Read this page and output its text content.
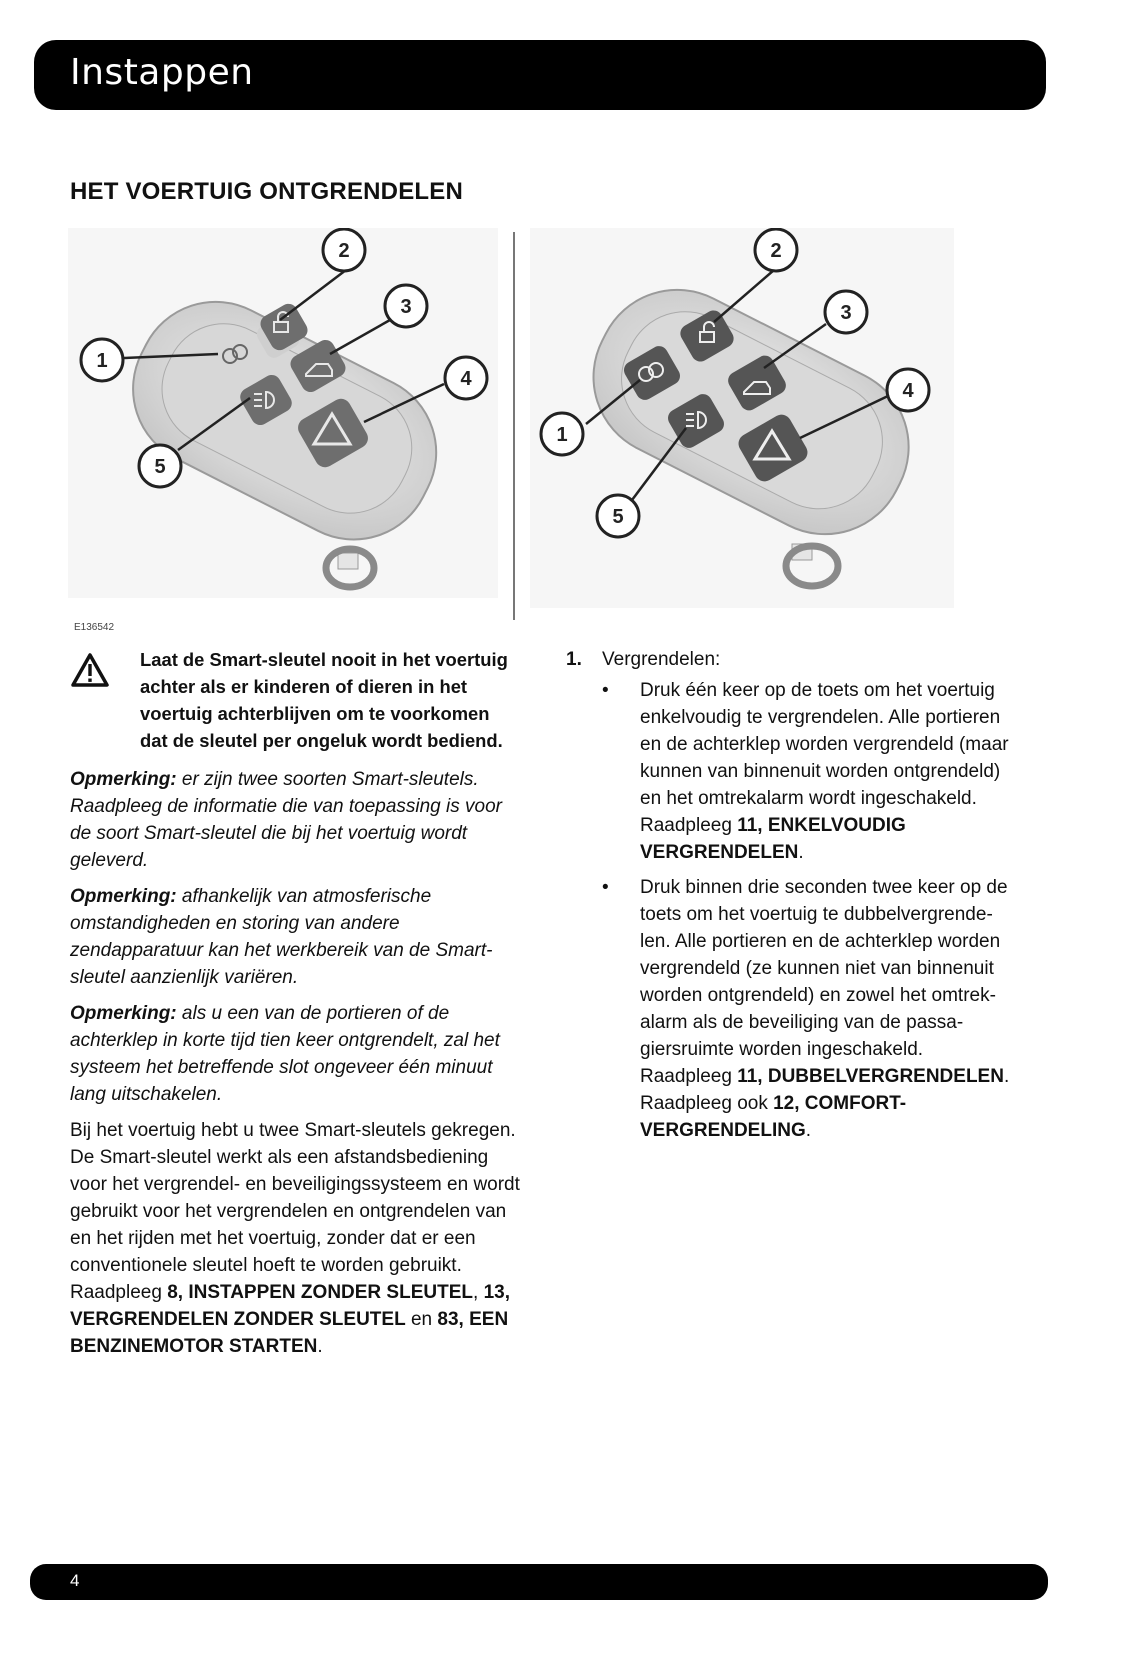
Instappen
HET VOERTUIG ONTGRENDELEN
2
3
1
4
5
2
3
1
4
5
E136542

Laat de Smart-sleutel nooit in het voertuig achter als er kinderen of dieren in het voertuig achterblijven om te voorkomen dat de sleutel per ongeluk wordt bediend.

Opmerking: er zijn twee soorten Smart-sleutels. Raadpleeg de informatie die van toepassing is voor de soort Smart-sleutel die bij het voertuig wordt geleverd.

Opmerking: afhankelijk van atmosferische omstandigheden en storing van andere zendapparatuur kan het werkbereik van de Smart-sleutel aanzienlijk variëren.

Opmerking: als u een van de portieren of de achterklep in korte tijd tien keer ontgrendelt, zal het systeem het betreffende slot ongeveer één minuut lang uitschakelen.

Bij het voertuig hebt u twee Smart-sleutels gekregen. De Smart-sleutel werkt als een afstandsbediening voor het vergrendel- en beveiligingssysteem en wordt gebruikt voor het vergrendelen en ontgrendelen van en het rijden met het voertuig, zonder dat er een conventionele sleutel hoeft te worden gebruikt. Raadpleeg 8, INSTAPPEN ZONDER SLEUTEL, 13, VERGRENDELEN ZONDER SLEUTEL en 83, EEN BENZINEMOTOR STARTEN.

1. Vergrendelen:
• Druk één keer op de toets om het voertuig enkelvoudig te vergrendelen. Alle portieren en de achterklep worden vergrendeld (maar kunnen van binnenuit worden ontgrendeld) en het omtrekalarm wordt ingeschakeld. Raadpleeg 11, ENKELVOUDIG VERGRENDELEN.
• Druk binnen drie seconden twee keer op de toets om het voertuig te dubbelvergrende-len. Alle portieren en de achterklep worden vergrendeld (ze kunnen niet van binnenuit worden ontgrendeld) en zowel het omtrek-alarm als de beveiliging van de passa-giersruimte worden ingeschakeld. Raadpleeg 11, DUBBELVERGRENDELEN. Raadpleeg ook 12, COMFORT-VERGRENDELING.
4
